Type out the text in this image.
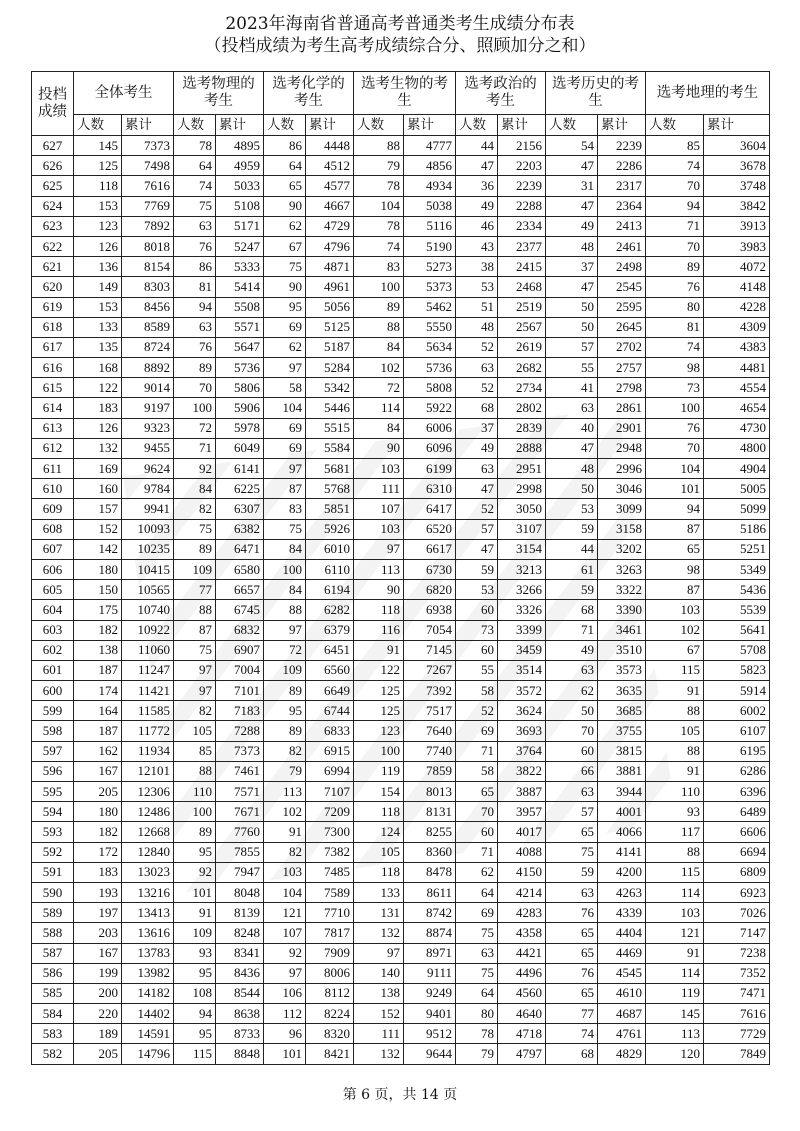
2023年海南省普通高考普通类考生成绩分布表
（投档成绩为考生高考成绩综合分、照顾加分之和）
投档成绩	全体考生		选考物理的考生		选考化学的考生		选考生物的考生		选考政治的考生		选考历史的考生		选考地理的考生	
	人数	累计	人数	累计	人数	累计	人数	累计	人数	累计	人数	累计	人数	累计
627	145	7373	78	4895	86	4448	88	4777	44	2156	54	2239	85	3604
626	125	7498	64	4959	64	4512	79	4856	47	2203	47	2286	74	3678
625	118	7616	74	5033	65	4577	78	4934	36	2239	31	2317	70	3748
624	153	7769	75	5108	90	4667	104	5038	49	2288	47	2364	94	3842
623	123	7892	63	5171	62	4729	78	5116	46	2334	49	2413	71	3913
622	126	8018	76	5247	67	4796	74	5190	43	2377	48	2461	70	3983
621	136	8154	86	5333	75	4871	83	5273	38	2415	37	2498	89	4072
620	149	8303	81	5414	90	4961	100	5373	53	2468	47	2545	76	4148
619	153	8456	94	5508	95	5056	89	5462	51	2519	50	2595	80	4228
618	133	8589	63	5571	69	5125	88	5550	48	2567	50	2645	81	4309
617	135	8724	76	5647	62	5187	84	5634	52	2619	57	2702	74	4383
616	168	8892	89	5736	97	5284	102	5736	63	2682	55	2757	98	4481
615	122	9014	70	5806	58	5342	72	5808	52	2734	41	2798	73	4554
614	183	9197	100	5906	104	5446	114	5922	68	2802	63	2861	100	4654
613	126	9323	72	5978	69	5515	84	6006	37	2839	40	2901	76	4730
612	132	9455	71	6049	69	5584	90	6096	49	2888	47	2948	70	4800
611	169	9624	92	6141	97	5681	103	6199	63	2951	48	2996	104	4904
610	160	9784	84	6225	87	5768	111	6310	47	2998	50	3046	101	5005
609	157	9941	82	6307	83	5851	107	6417	52	3050	53	3099	94	5099
608	152	10093	75	6382	75	5926	103	6520	57	3107	59	3158	87	5186
607	142	10235	89	6471	84	6010	97	6617	47	3154	44	3202	65	5251
606	180	10415	109	6580	100	6110	113	6730	59	3213	61	3263	98	5349
605	150	10565	77	6657	84	6194	90	6820	53	3266	59	3322	87	5436
604	175	10740	88	6745	88	6282	118	6938	60	3326	68	3390	103	5539
603	182	10922	87	6832	97	6379	116	7054	73	3399	71	3461	102	5641
602	138	11060	75	6907	72	6451	91	7145	60	3459	49	3510	67	5708
601	187	11247	97	7004	109	6560	122	7267	55	3514	63	3573	115	5823
600	174	11421	97	7101	89	6649	125	7392	58	3572	62	3635	91	5914
599	164	11585	82	7183	95	6744	125	7517	52	3624	50	3685	88	6002
598	187	11772	105	7288	89	6833	123	7640	69	3693	70	3755	105	6107
597	162	11934	85	7373	82	6915	100	7740	71	3764	60	3815	88	6195
596	167	12101	88	7461	79	6994	119	7859	58	3822	66	3881	91	6286
595	205	12306	110	7571	113	7107	154	8013	65	3887	63	3944	110	6396
594	180	12486	100	7671	102	7209	118	8131	70	3957	57	4001	93	6489
593	182	12668	89	7760	91	7300	124	8255	60	4017	65	4066	117	6606
592	172	12840	95	7855	82	7382	105	8360	71	4088	75	4141	88	6694
591	183	13023	92	7947	103	7485	118	8478	62	4150	59	4200	115	6809
590	193	13216	101	8048	104	7589	133	8611	64	4214	63	4263	114	6923
589	197	13413	91	8139	121	7710	131	8742	69	4283	76	4339	103	7026
588	203	13616	109	8248	107	7817	132	8874	75	4358	65	4404	121	7147
587	167	13783	93	8341	92	7909	97	8971	63	4421	65	4469	91	7238
586	199	13982	95	8436	97	8006	140	9111	75	4496	76	4545	114	7352
585	200	14182	108	8544	106	8112	138	9249	64	4560	65	4610	119	7471
584	220	14402	94	8638	112	8224	152	9401	80	4640	77	4687	145	7616
583	189	14591	95	8733	96	8320	111	9512	78	4718	74	4761	113	7729
582	205	14796	115	8848	101	8421	132	9644	79	4797	68	4829	120	7849
第 6 页，共 14 页
